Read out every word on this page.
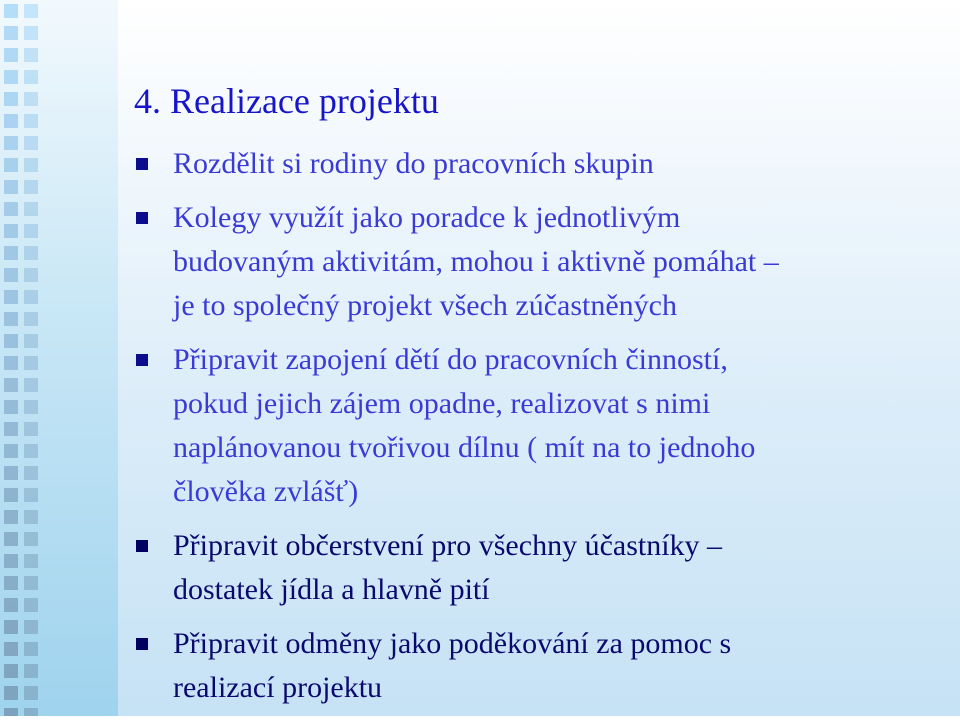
4. Realizace projektu
Rozdělit si rodiny do pracovních skupin
Kolegy využít jako poradce k jednotlivým
budovaným aktivitám, mohou i aktivně pomáhat –
je to společný projekt všech zúčastněných
Připravit zapojení dětí do pracovních činností,
pokud jejich zájem opadne, realizovat s nimi
naplánovanou tvořivou dílnu ( mít na to jednoho
člověka zvlášť)
Připravit občerstvení pro všechny účastníky –
dostatek jídla a hlavně pití
Připravit odměny jako poděkování za pomoc s
realizací projektu
